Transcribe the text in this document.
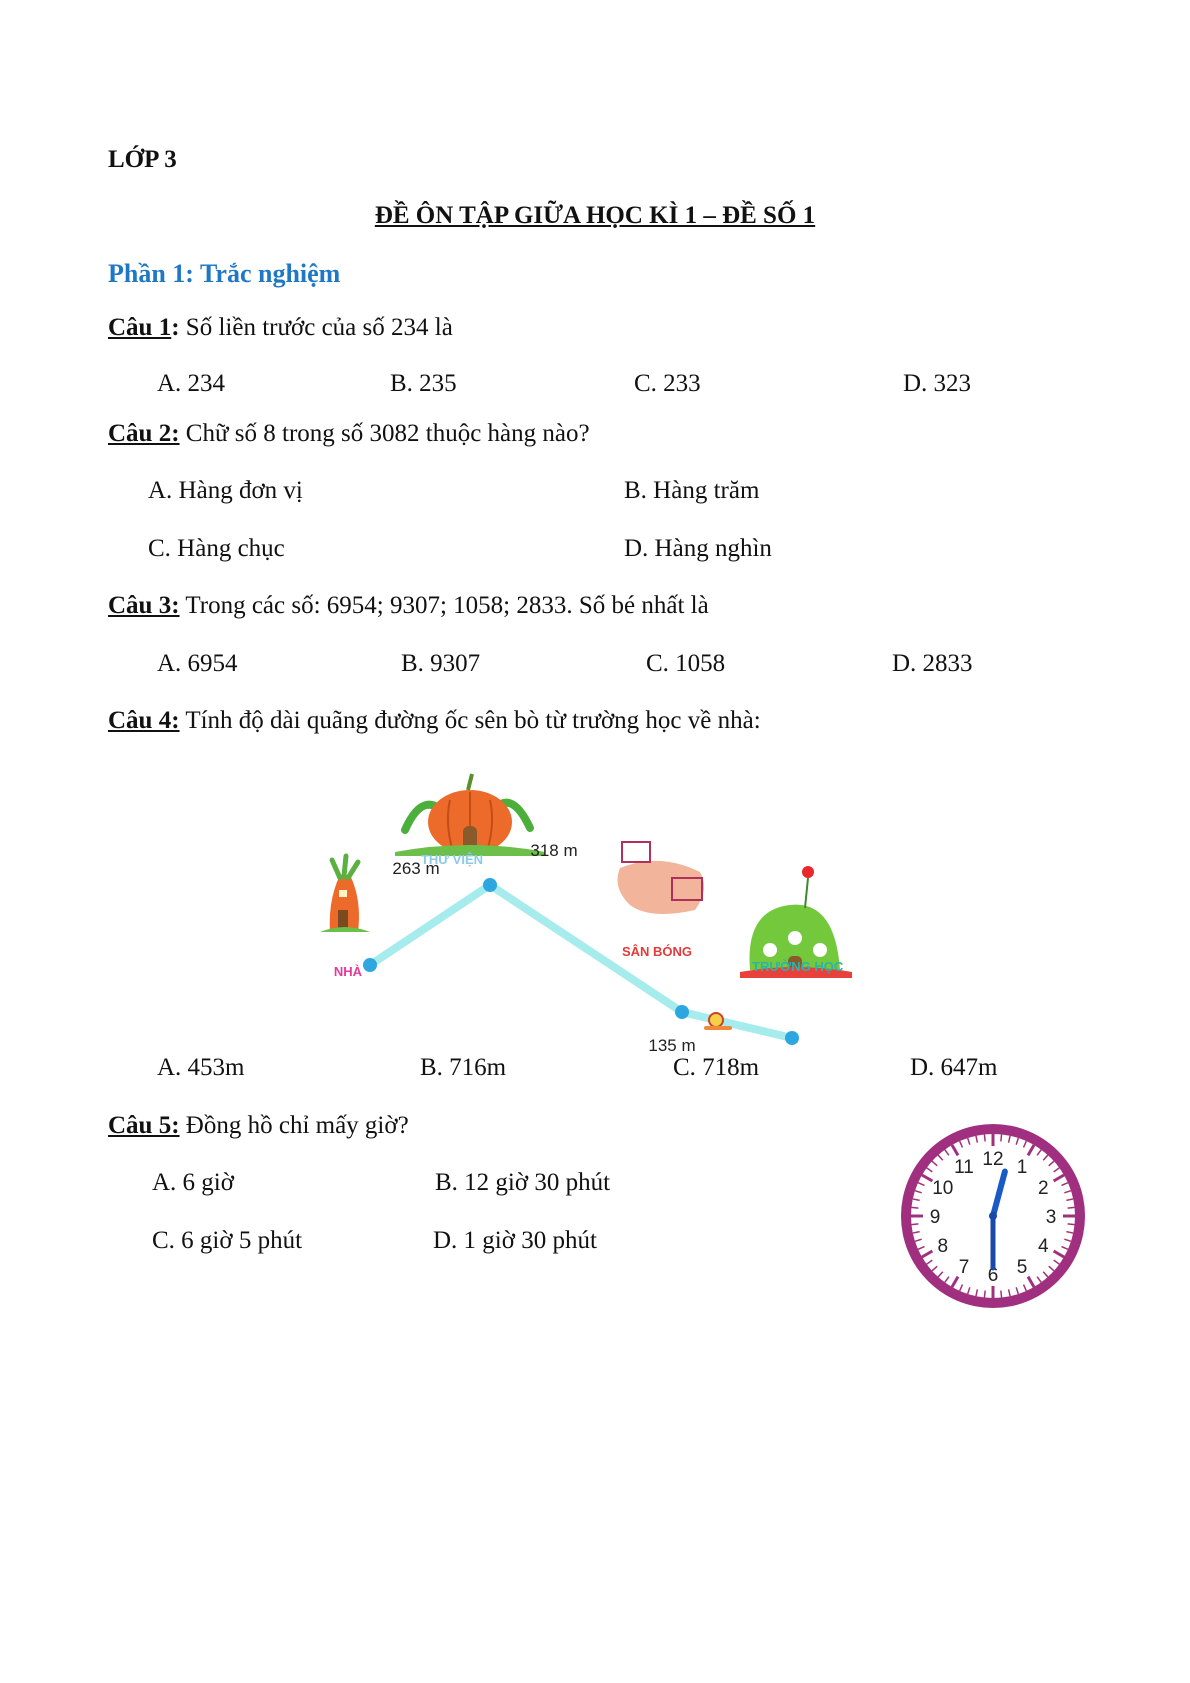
LỚP 3
ĐỀ ÔN TẬP GIỮA HỌC KÌ 1 – ĐỀ SỐ 1
Phần 1: Trắc nghiệm
Câu 1: Số liền trước của số 234 là
A. 234	B. 235	C. 233	D. 323
Câu 2: Chữ số 8 trong số 3082 thuộc hàng nào?
A. Hàng đơn vị	B. Hàng trăm
C. Hàng chục	D. Hàng nghìn
Câu 3: Trong các số: 6954; 9307; 1058; 2833. Số bé nhất là
A. 6954	B. 9307	C. 1058	D. 2833
Câu 4: Tính độ dài quãng đường ốc sên bò từ trường học về nhà:
NHÀ
THƯ VIỆN
SÂN BÓNG
TRƯỜNG HỌC
263 m
318 m
135 m
A. 453m	B. 716m	C. 718m	D. 647m
Câu 5: Đồng hồ chỉ mấy giờ?
A. 6 giờ	B. 12 giờ 30 phút
C. 6 giờ 5 phút	D. 1 giờ 30 phút
12 1
2
3
4
5
6
7
8
9
10
11
